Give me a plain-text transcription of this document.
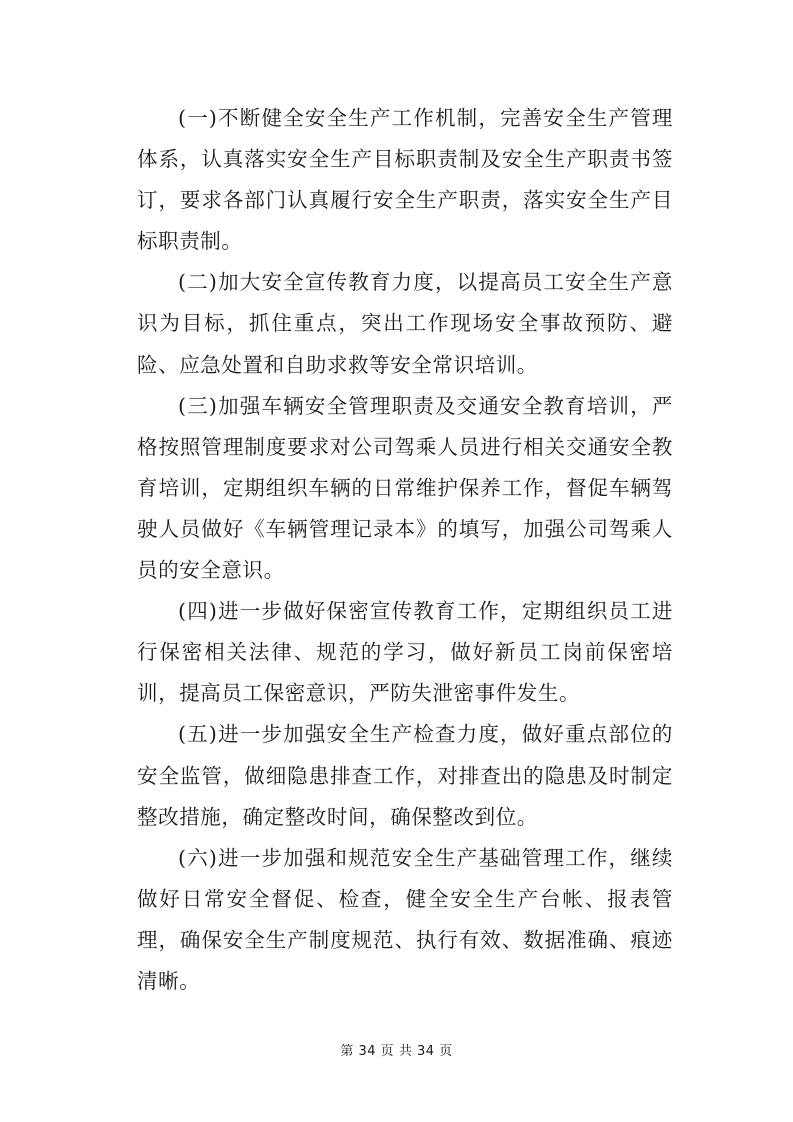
(一)不断健全安全生产工作机制，完善安全生产管理体系，认真落实安全生产目标职责制及安全生产职责书签订，要求各部门认真履行安全生产职责，落实安全生产目标职责制。

(二)加大安全宣传教育力度，以提高员工安全生产意识为目标，抓住重点，突出工作现场安全事故预防、避险、应急处置和自助求救等安全常识培训。

(三)加强车辆安全管理职责及交通安全教育培训，严格按照管理制度要求对公司驾乘人员进行相关交通安全教育培训，定期组织车辆的日常维护保养工作，督促车辆驾驶人员做好《车辆管理记录本》的填写，加强公司驾乘人员的安全意识。

(四)进一步做好保密宣传教育工作，定期组织员工进行保密相关法律、规范的学习，做好新员工岗前保密培训，提高员工保密意识，严防失泄密事件发生。

(五)进一步加强安全生产检查力度，做好重点部位的安全监管，做细隐患排查工作，对排查出的隐患及时制定整改措施，确定整改时间，确保整改到位。

(六)进一步加强和规范安全生产基础管理工作，继续做好日常安全督促、检查，健全安全生产台帐、报表管理，确保安全生产制度规范、执行有效、数据准确、痕迹清晰。

第 34 页 共 34 页
